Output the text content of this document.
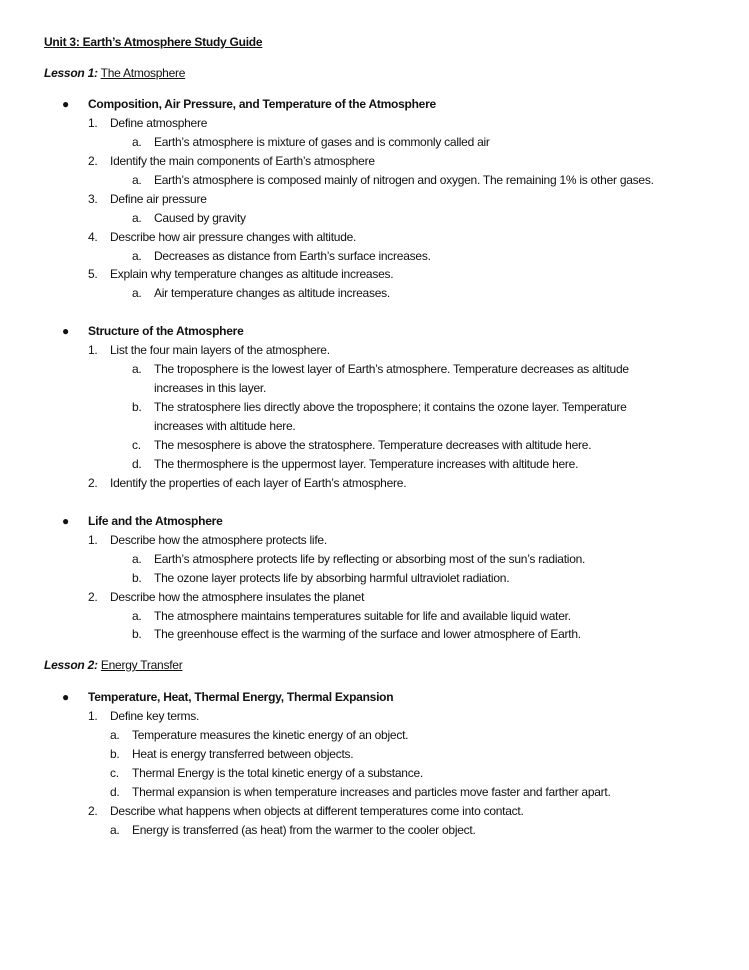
Unit 3: Earth’s Atmosphere Study Guide
Lesson 1: The Atmosphere
● Composition, Air Pressure, and Temperature of the Atmosphere
1. Define atmosphere
a. Earth’s atmosphere is mixture of gases and is commonly called air
2. Identify the main components of Earth’s atmosphere
a. Earth’s atmosphere is composed mainly of nitrogen and oxygen. The remaining 1% is other gases.
3. Define air pressure
a. Caused by gravity
4. Describe how air pressure changes with altitude.
a. Decreases as distance from Earth’s surface increases.
5. Explain why temperature changes as altitude increases.
a. Air temperature changes as altitude increases.
● Structure of the Atmosphere
1. List the four main layers of the atmosphere.
a. The troposphere is the lowest layer of Earth’s atmosphere. Temperature decreases as altitude
increases in this layer.
b. The stratosphere lies directly above the troposphere; it contains the ozone layer. Temperature
increases with altitude here.
c. The mesosphere is above the stratosphere. Temperature decreases with altitude here.
d. The thermosphere is the uppermost layer. Temperature increases with altitude here.
2. Identify the properties of each layer of Earth’s atmosphere.
● Life and the Atmosphere
1. Describe how the atmosphere protects life.
a. Earth’s atmosphere protects life by reflecting or absorbing most of the sun’s radiation.
b. The ozone layer protects life by absorbing harmful ultraviolet radiation.
2. Describe how the atmosphere insulates the planet
a. The atmosphere maintains temperatures suitable for life and available liquid water.
b. The greenhouse effect is the warming of the surface and lower atmosphere of Earth.
Lesson 2: Energy Transfer
● Temperature, Heat, Thermal Energy, Thermal Expansion
1. Define key terms.
a. Temperature measures the kinetic energy of an object.
b. Heat is energy transferred between objects.
c. Thermal Energy is the total kinetic energy of a substance.
d. Thermal expansion is when temperature increases and particles move faster and farther apart.
2. Describe what happens when objects at different temperatures come into contact.
a. Energy is transferred (as heat) from the warmer to the cooler object.
